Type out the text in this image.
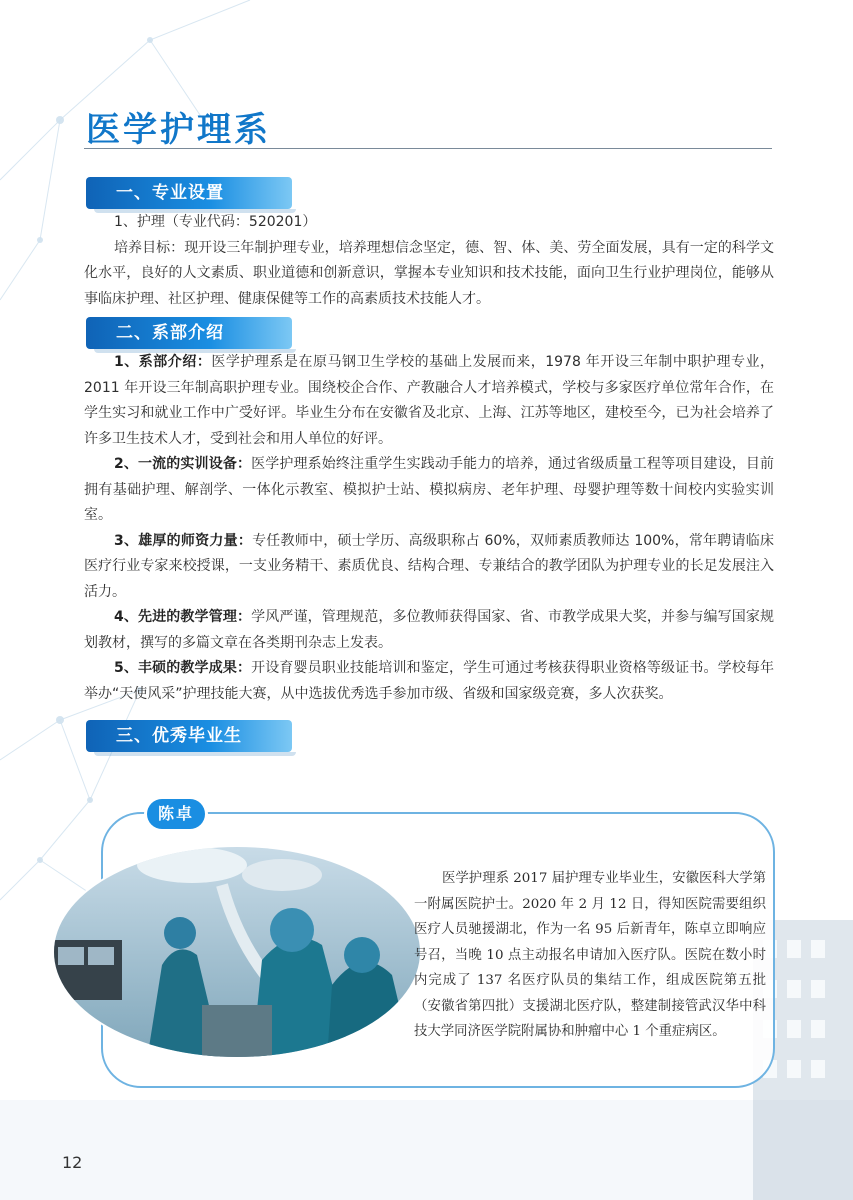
医学护理系
一、专业设置

1、护理（专业代码：520201）

培养目标：现开设三年制护理专业，培养理想信念坚定，德、智、体、美、劳全面发展，具有一定的科学文化水平，良好的人文素质、职业道德和创新意识，掌握本专业知识和技术技能，面向卫生行业护理岗位，能够从事临床护理、社区护理、健康保健等工作的高素质技术技能人才。

二、系部介绍

1、系部介绍：医学护理系是在原马钢卫生学校的基础上发展而来，1978 年开设三年制中职护理专业，2011 年开设三年制高职护理专业。围绕校企合作、产教融合人才培养模式，学校与多家医疗单位常年合作，在学生实习和就业工作中广受好评。毕业生分布在安徽省及北京、上海、江苏等地区，建校至今，已为社会培养了许多卫生技术人才，受到社会和用人单位的好评。

2、一流的实训设备：医学护理系始终注重学生实践动手能力的培养，通过省级质量工程等项目建设，目前拥有基础护理、解剖学、一体化示教室、模拟护士站、模拟病房、老年护理、母婴护理等数十间校内实验实训室。

3、雄厚的师资力量：专任教师中，硕士学历、高级职称占 60%，双师素质教师达 100%，常年聘请临床医疗行业专家来校授课，一支业务精干、素质优良、结构合理、专兼结合的教学团队为护理专业的长足发展注入活力。

4、先进的教学管理：学风严谨，管理规范，多位教师获得国家、省、市教学成果大奖，并参与编写国家规划教材，撰写的多篇文章在各类期刊杂志上发表。

5、丰硕的教学成果：开设育婴员职业技能培训和鉴定，学生可通过考核获得职业资格等级证书。学校每年举办“天使风采”护理技能大赛，从中选拔优秀选手参加市级、省级和国家级竞赛，多人次获奖。

三、优秀毕业生
陈卓

医学护理系 2017 届护理专业毕业生，安徽医科大学第一附属医院护士。2020 年 2 月 12 日，得知医院需要组织医疗人员驰援湖北，作为一名 95 后新青年，陈卓立即响应号召，当晚 10 点主动报名申请加入医疗队。医院在数小时内完成了 137 名医疗队员的集结工作，组成医院第五批（安徽省第四批）支援湖北医疗队，整建制接管武汉华中科技大学同济医学院附属协和肿瘤中心 1 个重症病区。

12
